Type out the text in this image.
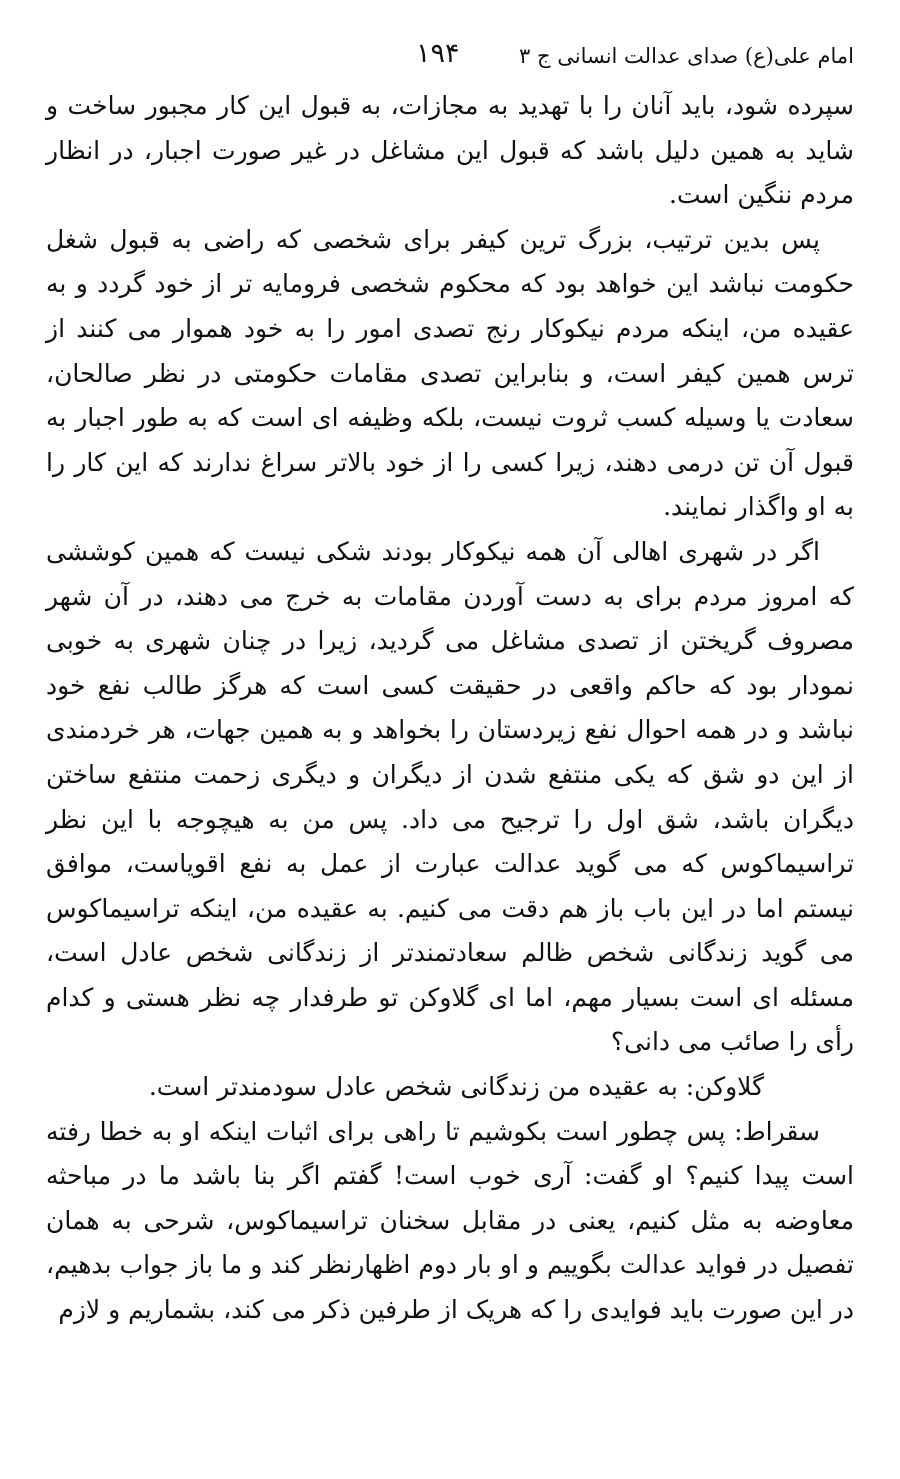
امام علی(ع) صدای عدالت انسانی ج ۳
۱۹۴

سپرده شود، باید آنان را با تهدید به مجازات، به قبول این کار مجبور ساخت و شاید به همین دلیل باشد که قبول این مشاغل در غیر صورت اجبار، در انظار مردم ننگین است.

پس بدین ترتیب، بزرگ ترین کیفر برای شخصی که راضی به قبول شغل حکومت نباشد این خواهد بود که محکوم شخصی فرومایه تر از خود گردد و به عقیده من، اینکه مردم نیکوکار رنج تصدی امور را به خود هموار می کنند از ترس همین کیفر است، و بنابراین تصدی مقامات حکومتی در نظر صالحان، سعادت یا وسیله کسب ثروت نیست، بلکه وظیفه ای است که به طور اجبار به قبول آن تن درمی دهند، زیرا کسی را از خود بالاتر سراغ ندارند که این کار را به او واگذار نمایند.

اگر در شهری اهالی آن همه نیکوکار بودند شکی نیست که همین کوششی که امروز مردم برای به دست آوردن مقامات به خرج می دهند، در آن شهر مصروف گریختن از تصدی مشاغل می گردید، زیرا در چنان شهری به خوبی نمودار بود که حاکم واقعی در حقیقت کسی است که هرگز طالب نفع خود نباشد و در همه احوال نفع زیردستان را بخواهد و به همین جهات، هر خردمندی از این دو شق که یکی منتفع شدن از دیگران و دیگری زحمت منتفع ساختن دیگران باشد، شق اول را ترجیح می داد. پس من به هیچوجه با این نظر تراسیماکوس که می گوید عدالت عبارت از عمل به نفع اقویاست، موافق نیستم اما در این باب باز هم دقت می کنیم. به عقیده من، اینکه تراسیماکوس می گوید زندگانی شخص ظالم سعادتمندتر از زندگانی شخص عادل است، مسئله ای است بسیار مهم، اما ای گلاوکن تو طرفدار چه نظر هستی و کدام رأی را صائب می دانی؟

گلاوکن: به عقیده من زندگانی شخص عادل سودمندتر است.

سقراط: پس چطور است بکوشیم تا راهی برای اثبات اینکه او به خطا رفته است پیدا کنیم؟ او گفت: آری خوب است! گفتم اگر بنا باشد ما در مباحثه معاوضه به مثل کنیم، یعنی در مقابل سخنان تراسیماکوس، شرحی به همان تفصیل در فواید عدالت بگوییم و او بار دوم اظهارنظر کند و ما باز جواب بدهیم، در این صورت باید فوایدی را که هریک از طرفین ذکر می کند، بشماریم و لازم
